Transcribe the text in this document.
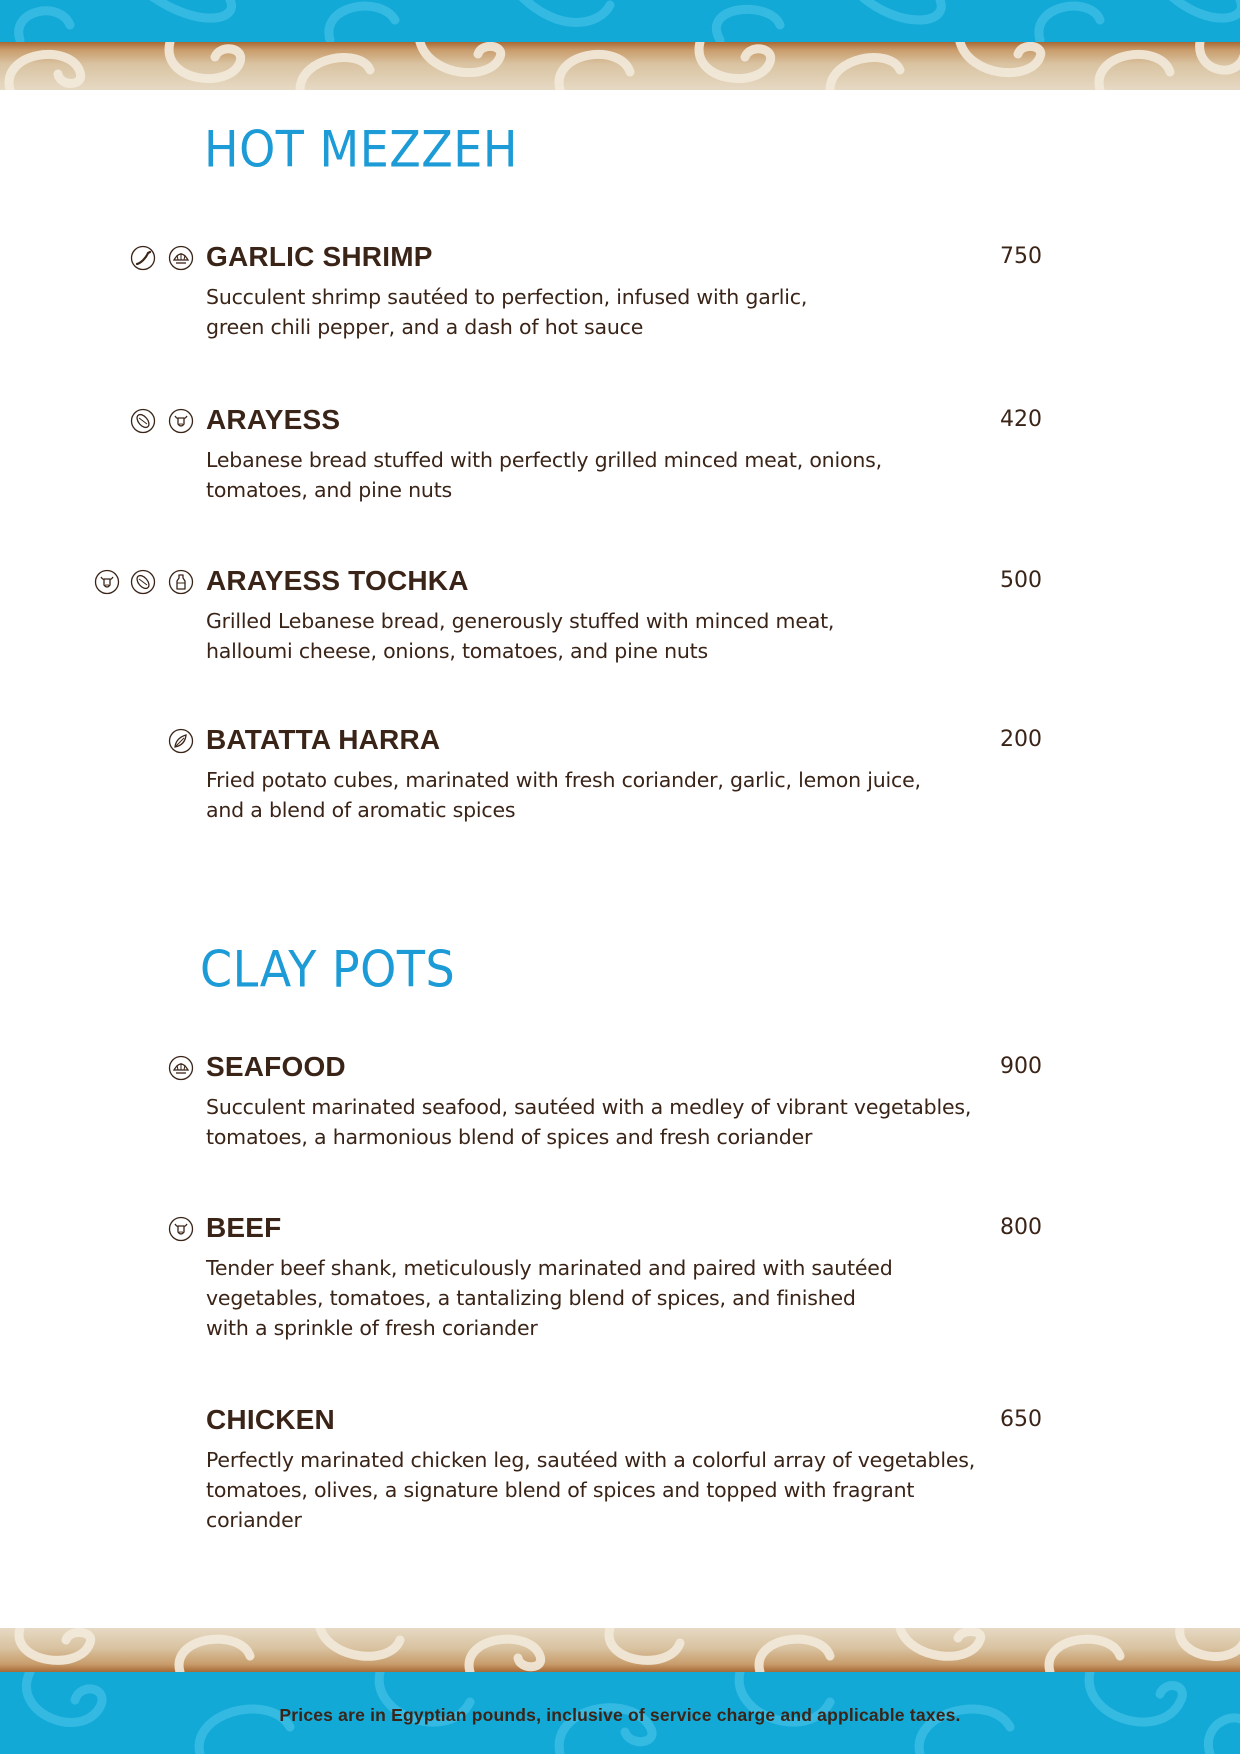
HOT MEZZEH
GARLIC SHRIMP	750
Succulent shrimp sautéed to perfection, infused with garlic,
green chili pepper, and a dash of hot sauce
ARAYESS	420
Lebanese bread stuffed with perfectly grilled minced meat, onions,
tomatoes, and pine nuts
ARAYESS TOCHKA	500
Grilled Lebanese bread, generously stuffed with minced meat,
halloumi cheese, onions, tomatoes, and pine nuts
BATATTA HARRA	200
Fried potato cubes, marinated with fresh coriander, garlic, lemon juice,
and a blend of aromatic spices
CLAY POTS
SEAFOOD	900
Succulent marinated seafood, sautéed with a medley of vibrant vegetables,
tomatoes, a harmonious blend of spices and fresh coriander
BEEF	800
Tender beef shank, meticulously marinated and paired with sautéed
vegetables, tomatoes, a tantalizing blend of spices, and finished
with a sprinkle of fresh coriander
CHICKEN	650
Perfectly marinated chicken leg, sautéed with a colorful array of vegetables,
tomatoes, olives, a signature blend of spices and topped with fragrant
coriander
Prices are in Egyptian pounds, inclusive of service charge and applicable taxes.
